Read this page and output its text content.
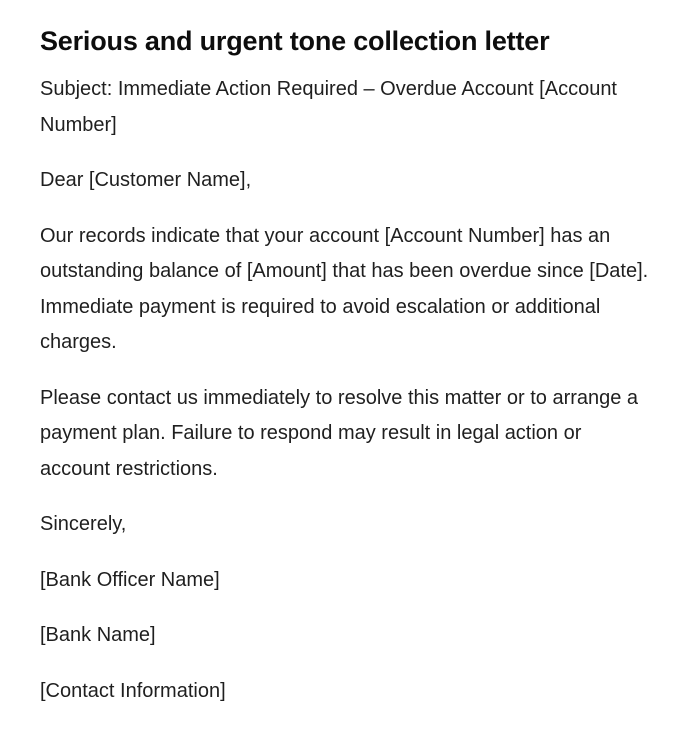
Serious and urgent tone collection letter

Subject: Immediate Action Required – Overdue Account [Account Number]

Dear [Customer Name],

Our records indicate that your account [Account Number] has an outstanding balance of [Amount] that has been overdue since [Date]. Immediate payment is required to avoid escalation or additional charges.

Please contact us immediately to resolve this matter or to arrange a payment plan. Failure to respond may result in legal action or account restrictions.

Sincerely,

[Bank Officer Name]

[Bank Name]

[Contact Information]
